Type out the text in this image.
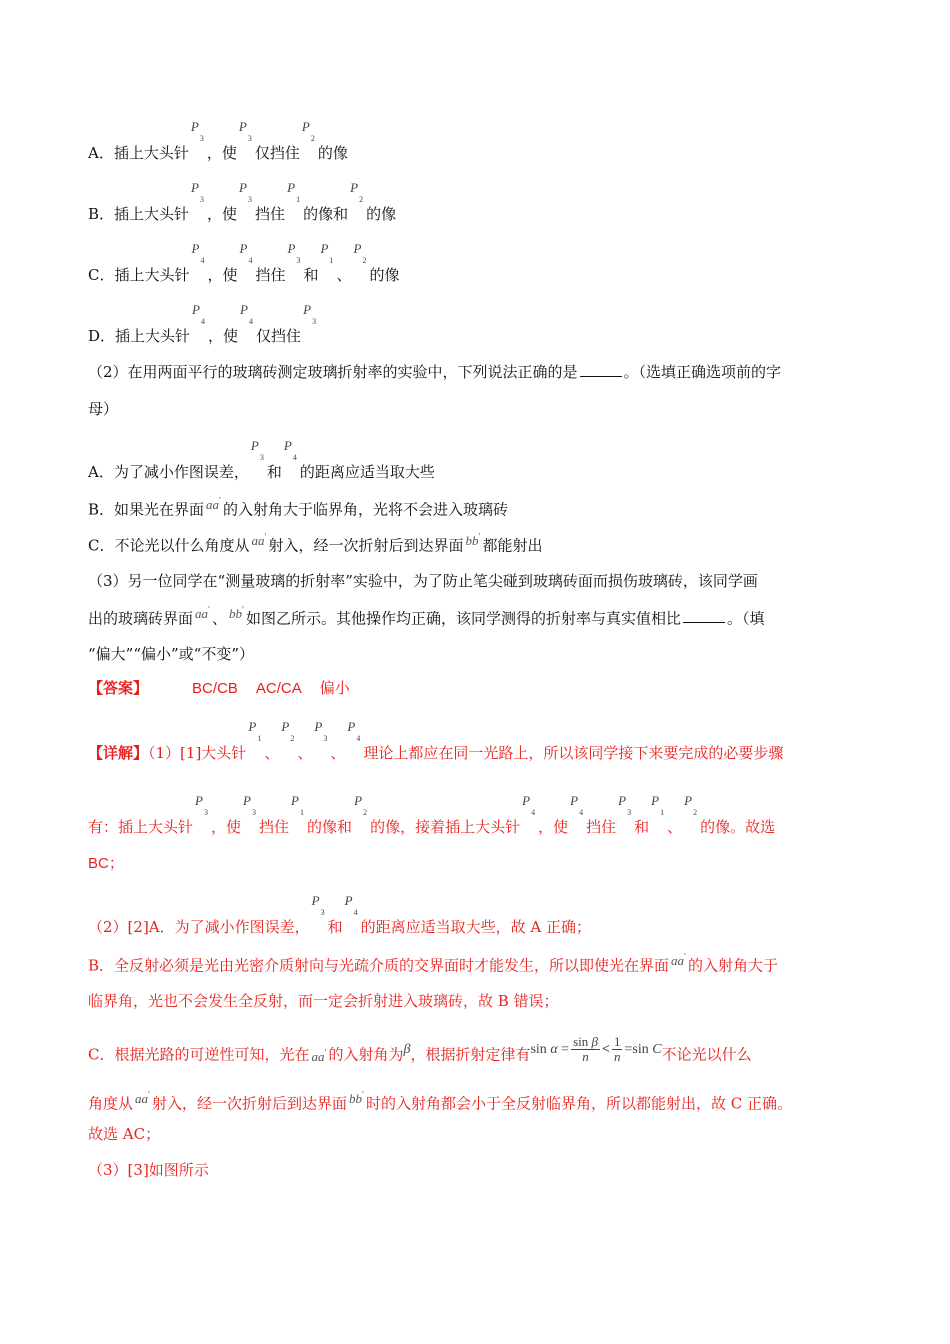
A．插上大头针
P
3
，使
P
3
仅挡住
P
2
的像
B．插上大头针
P
3
，使
P
3
挡住
P
1
的像和
P
2
的像
C．插上大头针
P
4
，使
P
4
挡住
P
3
和
P
1
、
P
2
的像
D．插上大头针
P
4
，使
P
4
仅挡住
P
3
（2）在用两面平行的玻璃砖测定玻璃折射率的实验中，下列说法正确的是	。（选填正确选项前的字
母）
A．为了减小作图误差，
P
3
和
P
4
的距离应适当取大些
B．如果光在界面 aa′ 的入射角大于临界角，光将不会进入玻璃砖
C．不论光以什么角度从 aa′ 射入，经一次折射后到达界面 bb′ 都能射出
（3）另一位同学在“测量玻璃的折射率”实验中，为了防止笔尖碰到玻璃砖面而损伤玻璃砖，该同学画
出的玻璃砖界面 aa′ 、 bb′ 如图乙所示。其他操作均正确，该同学测得的折射率与真实值相比	。（填
“偏大”“偏小”或“不变”）
【答案】	BC/CB AC/CA 偏小
【详解】（1）[1]大头针
P
1
、
P
2
、
P
3
、
P
4
理论上都应在同一光路上，所以该同学接下来要完成的必要步骤
有：插上大头针
P
3
，使
P
3
挡住
P
1
的像和
P
2
的像，接着插上大头针
P
4
，使
P
4
挡住
P
3
和
P
1
、
P
2
的像。故选
BC；
（2）[2]A．为了减小作图误差，
P
3
和
P
4
的距离应适当取大些，故 A 正确；
B．全反射必须是光由光密介质射向与光疏介质的交界面时才能发生，所以即使光在界面 aa′ 的入射角大于
临界角，光也不会发生全反射，而一定会折射进入玻璃砖，故 B 错误；
C．根据光路的可逆性可知，光在 aa′ 的入射角为β，根据折射定律有$\sin \alpha = \frac{\text{sin β}}{n} < \frac{1}{n} =\sin$ C不论光以什么
角度从 aa′ 射入，经一次折射后到达界面 bb′ 时的入射角都会小于全反射临界角，所以都能射出，故 C 正确。
故选 AC；
（3）[3]如图所示
